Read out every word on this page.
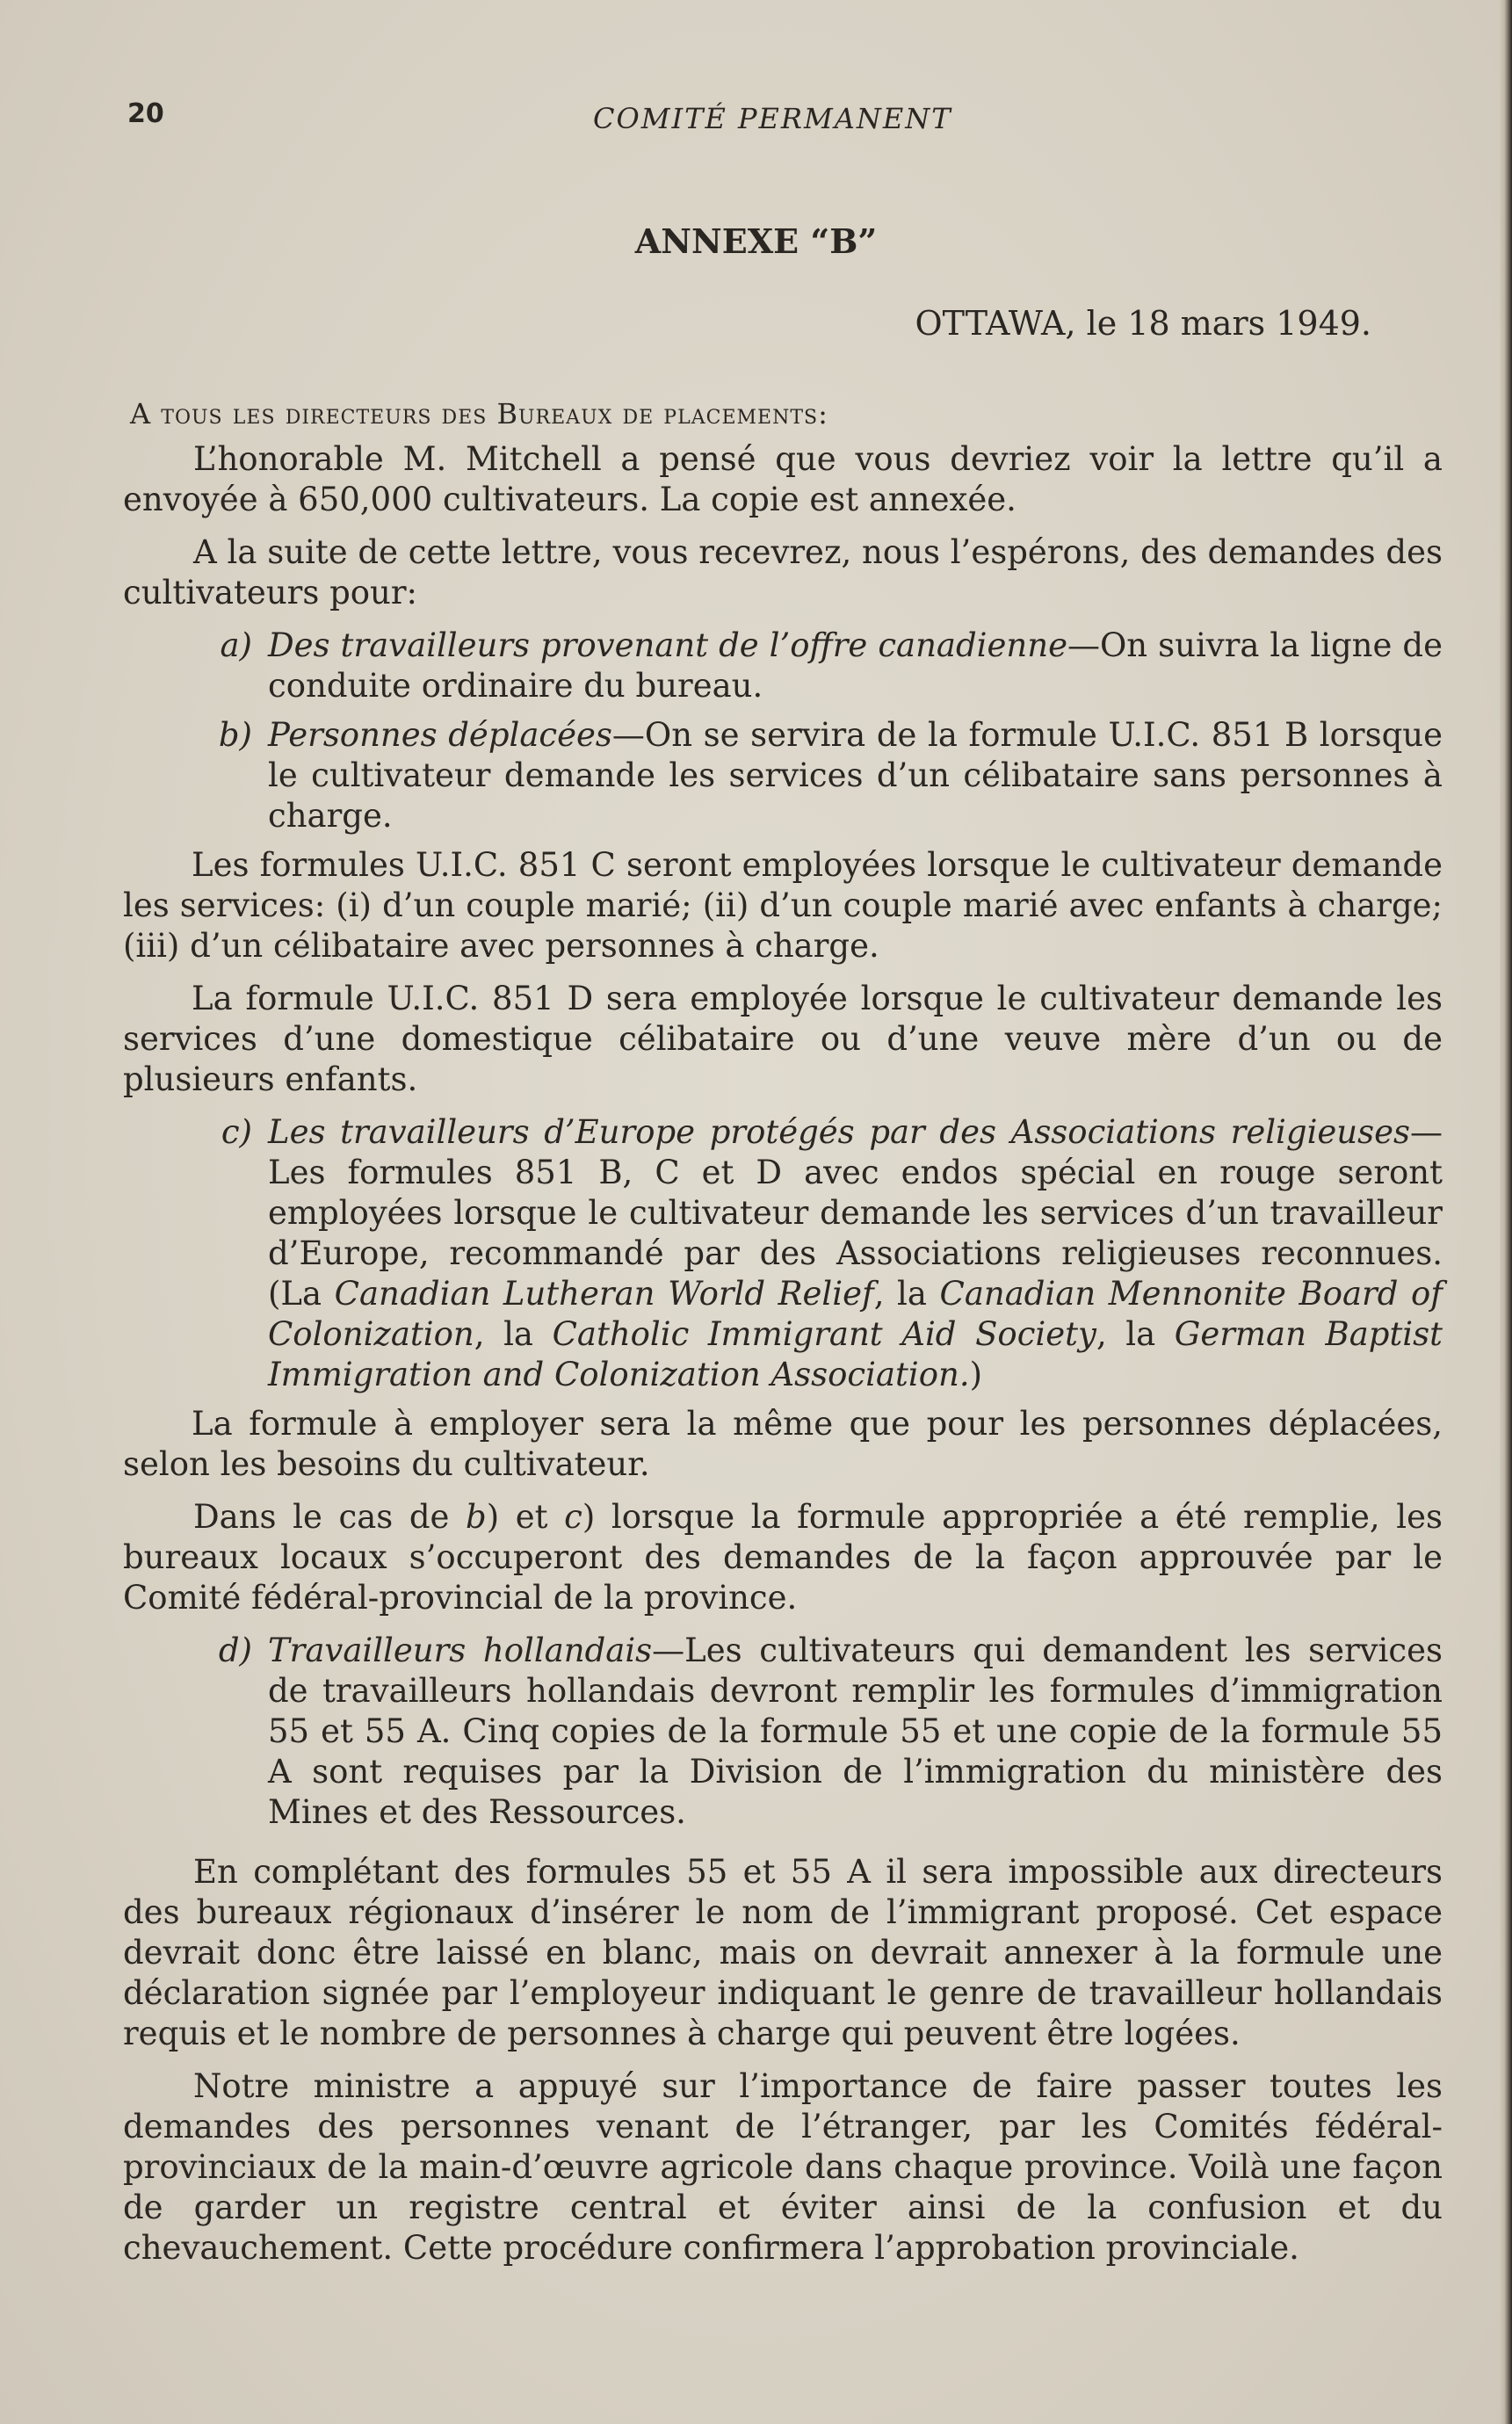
20	COMITÉ PERMANENT
ANNEXE “B”
OTTAWA, le 18 mars 1949.
A tous les directeurs des Bureaux de placements:

L’honorable M. Mitchell a pensé que vous devriez voir la lettre qu’il a envoyée à 650,000 cultivateurs. La copie est annexée.

A la suite de cette lettre, vous recevrez, nous l’espérons, des demandes des cultivateurs pour:

a) Des travailleurs provenant de l’offre canadienne—On suivra la ligne de conduite ordinaire du bureau.
b) Personnes déplacées—On se servira de la formule U.I.C. 851 B lorsque le cultivateur demande les services d’un célibataire sans personnes à charge.

Les formules U.I.C. 851 C seront employées lorsque le cultivateur demande les services: (i) d’un couple marié; (ii) d’un couple marié avec enfants à charge; (iii) d’un célibataire avec personnes à charge.

La formule U.I.C. 851 D sera employée lorsque le cultivateur demande les services d’une domestique célibataire ou d’une veuve mère d’un ou de plusieurs enfants.

c) Les travailleurs d’Europe protégés par des Associations religieuses—Les formules 851 B, C et D avec endos spécial en rouge seront employées lorsque le cultivateur demande les services d’un travailleur d’Europe, recommandé par des Associations religieuses reconnues. (La Canadian Lutheran World Relief, la Canadian Mennonite Board of Colonization, la Catholic Immigrant Aid Society, la German Baptist Immigration and Colonization Association.)

La formule à employer sera la même que pour les personnes déplacées, selon les besoins du cultivateur.

Dans le cas de b) et c) lorsque la formule appropriée a été remplie, les bureaux locaux s’occuperont des demandes de la façon approuvée par le Comité fédéral-provincial de la province.

d) Travailleurs hollandais—Les cultivateurs qui demandent les services de travailleurs hollandais devront remplir les formules d’immigration 55 et 55 A. Cinq copies de la formule 55 et une copie de la formule 55 A sont requises par la Division de l’immigration du ministère des Mines et des Ressources.

En complétant des formules 55 et 55 A il sera impossible aux directeurs des bureaux régionaux d’insérer le nom de l’immigrant proposé. Cet espace devrait donc être laissé en blanc, mais on devrait annexer à la formule une déclaration signée par l’employeur indiquant le genre de travailleur hollandais requis et le nombre de personnes à charge qui peuvent être logées.

Notre ministre a appuyé sur l’importance de faire passer toutes les demandes des personnes venant de l’étranger, par les Comités fédéral-provinciaux de la main-d’œuvre agricole dans chaque province. Voilà une façon de garder un registre central et éviter ainsi de la confusion et du chevauchement. Cette procédure confirmera l’approbation provinciale.
